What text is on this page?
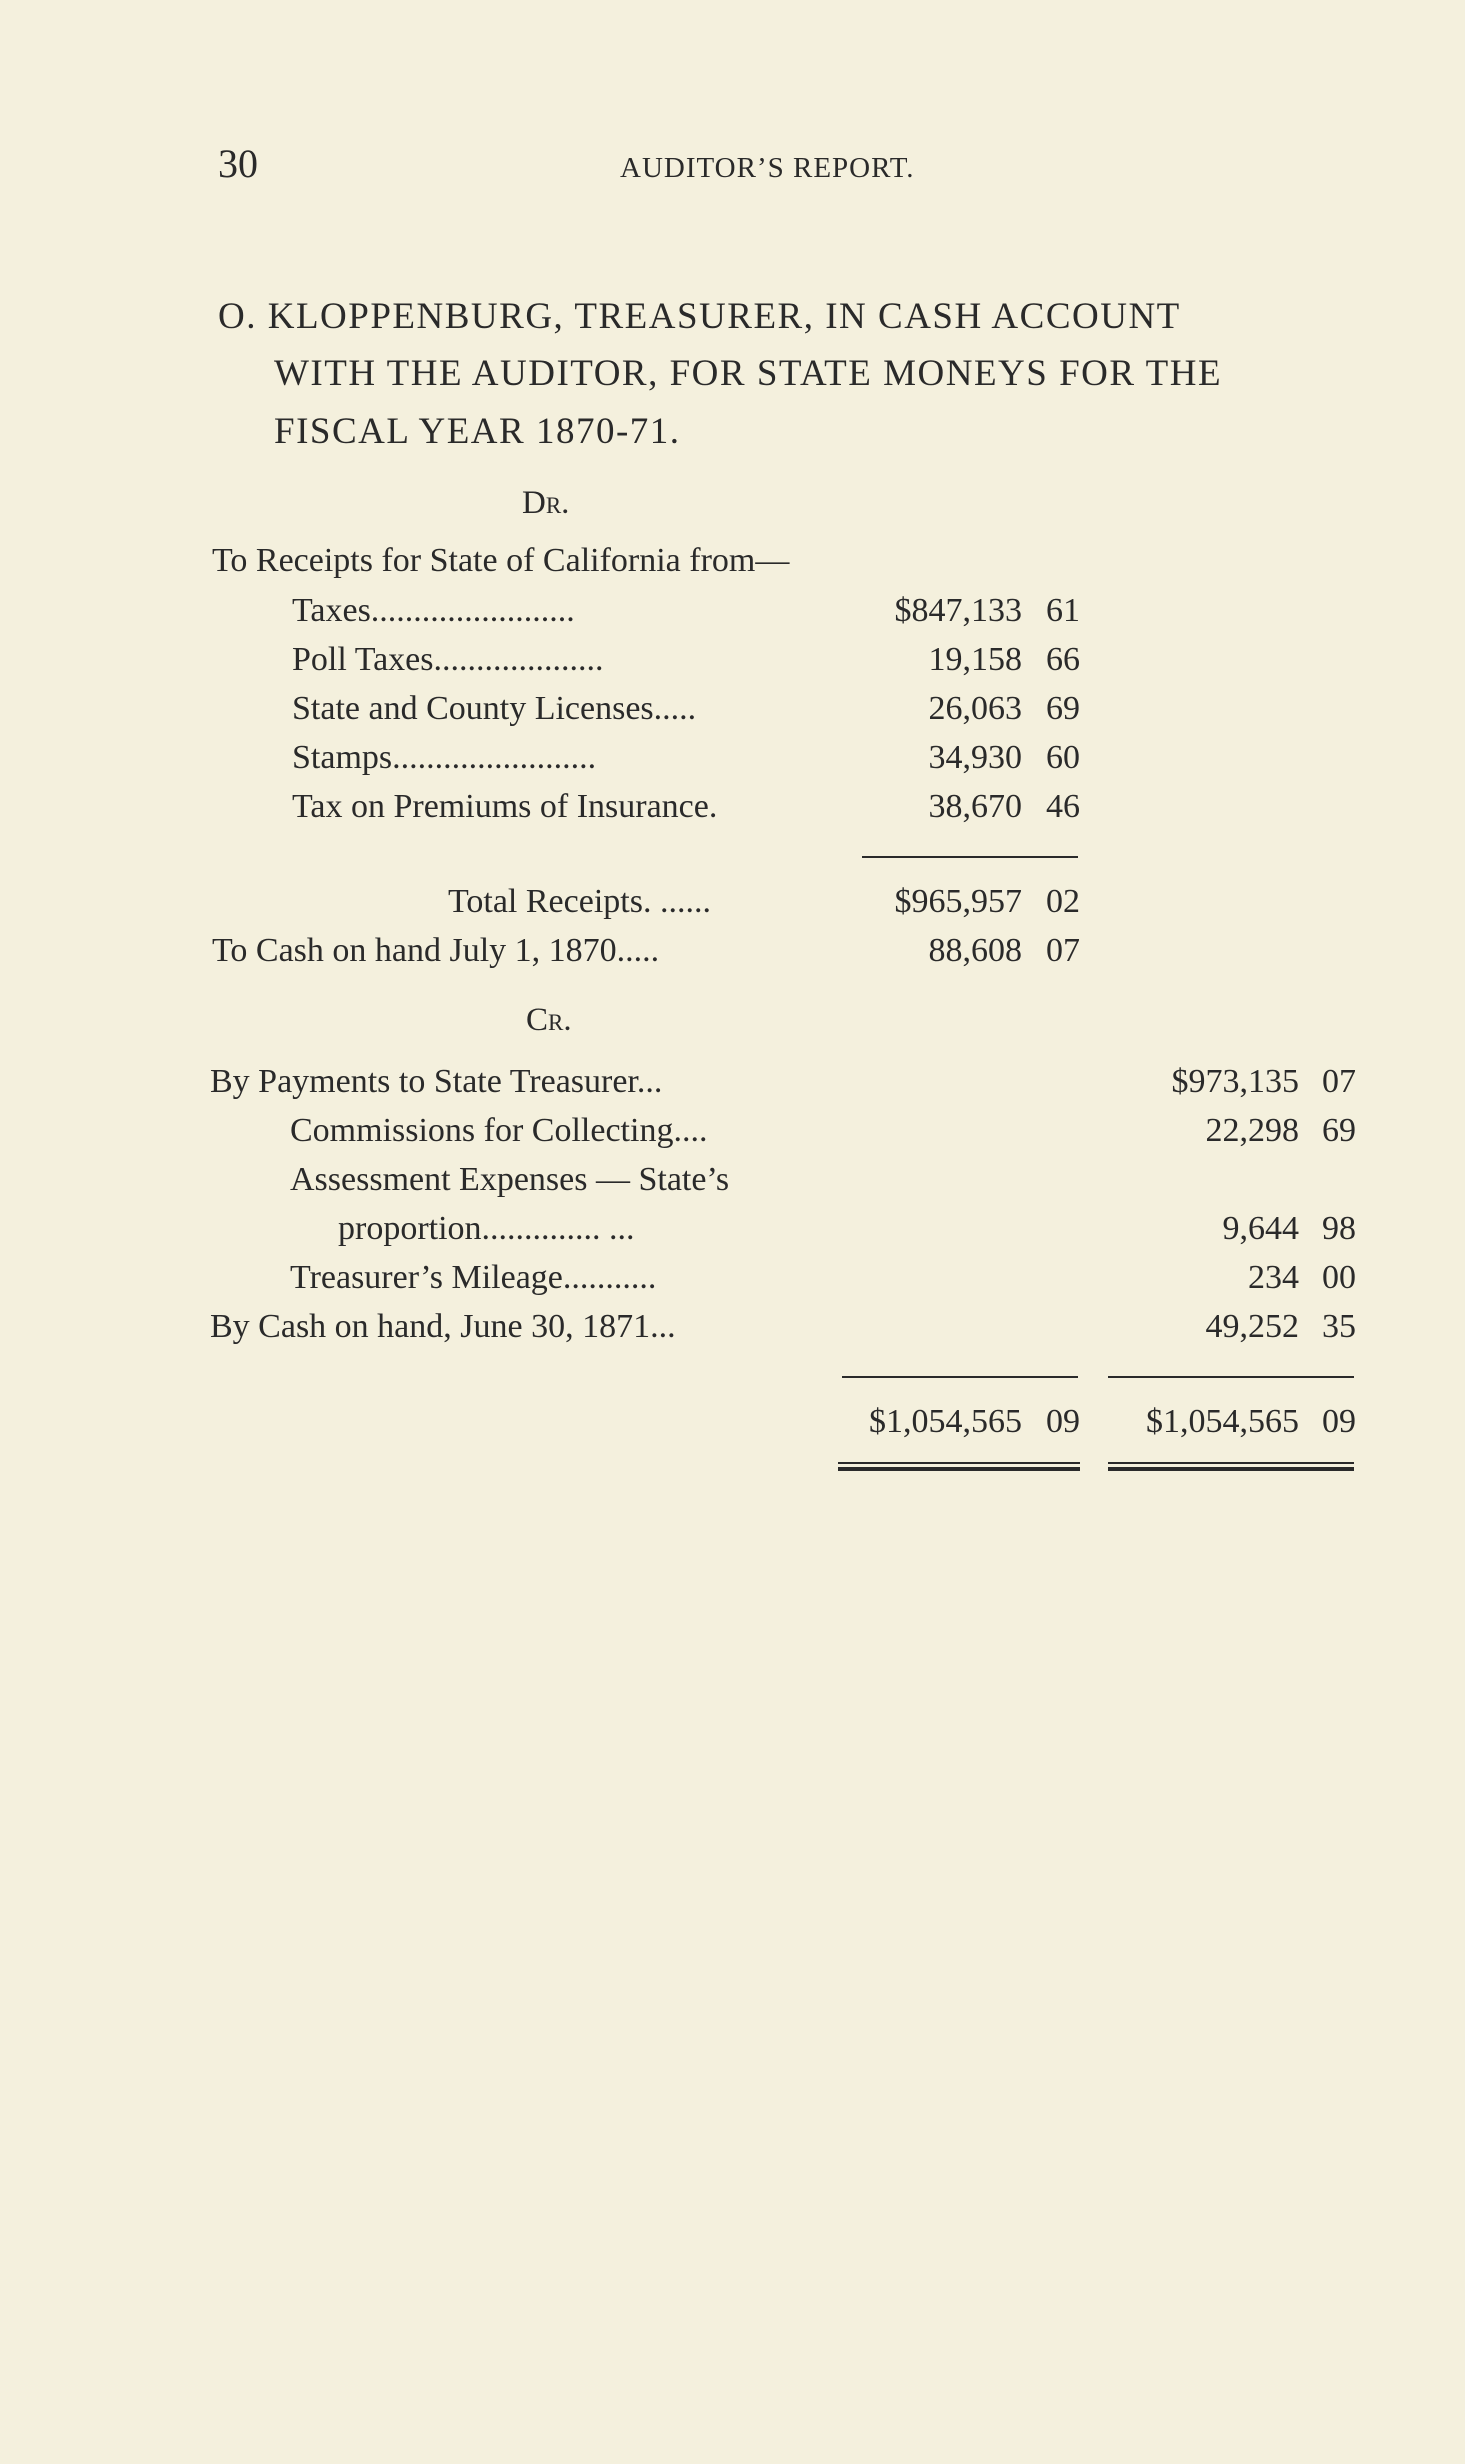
30	AUDITOR’S REPORT.
O. KLOPPENBURG, TREASURER, IN CASH ACCOUNT
WITH THE AUDITOR, FOR STATE MONEYS FOR THE
FISCAL YEAR 1870-71.
Dr.
To Receipts for State of California from—
Taxes........................	$847,133 61
Poll Taxes....................	19,158 66
State and County Licenses.....	26,063 69
Stamps........................	34,930 60
Tax on Premiums of Insurance.	38,670 46
Total Receipts. ......	$965,957 02
To Cash on hand July 1, 1870.....	88,608 07
Cr.
By Payments to State Treasurer...	$973,135 07
Commissions for Collecting....	22,298 69
Assessment Expenses — State’s
proportion.............. ...	9,644 98
Treasurer’s Mileage...........	234 00
By Cash on hand, June 30, 1871...	49,252 35
$1,054,565 09 $1,054,565 09
